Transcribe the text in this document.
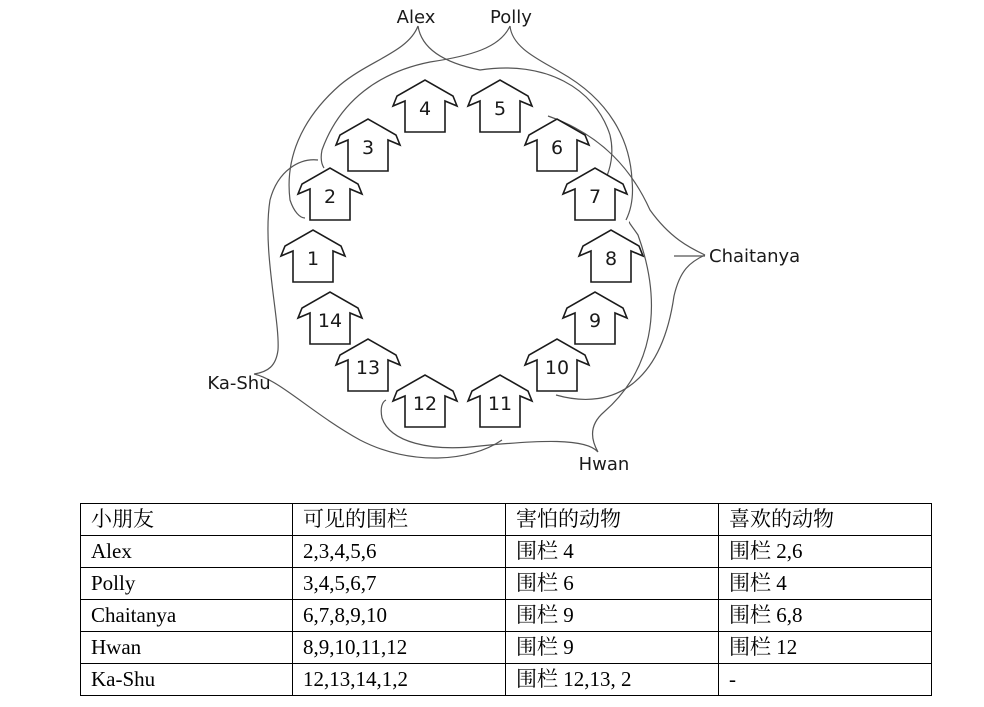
1
2
3
4	5
6
7
8
9
10
11
12
13
14
Alex	Polly
Chaitanya
Hwan
Ka-Shu
小朋友	可见的围栏	害怕的动物	喜欢的动物
Alex	2,3,4,5,6	围栏 4	围栏 2,6
Polly	3,4,5,6,7	围栏 6	围栏 4
Chaitanya	6,7,8,9,10	围栏 9	围栏 6,8
Hwan	8,9,10,11,12	围栏 9	围栏 12
Ka-Shu	12,13,14,1,2	围栏 12,13, 2	-
